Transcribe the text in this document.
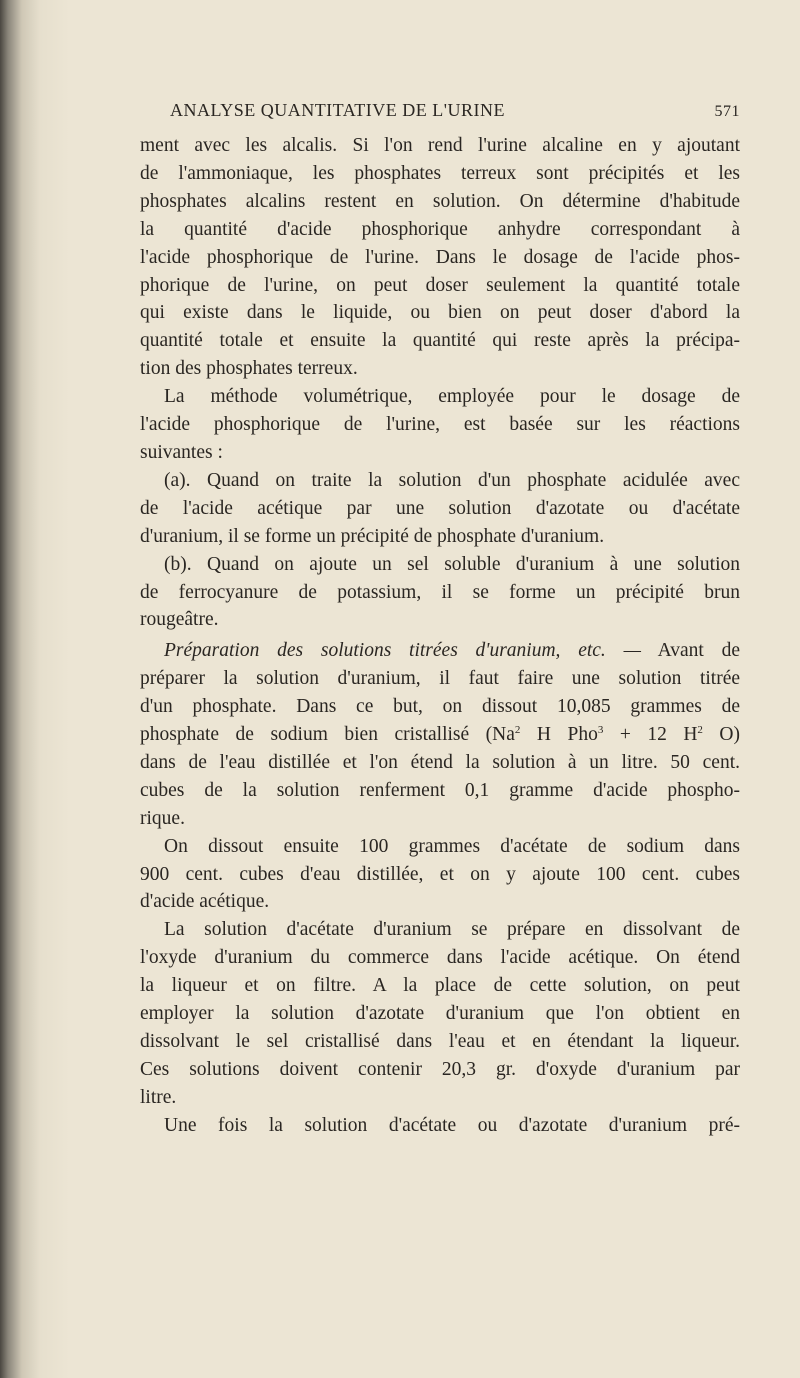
ANALYSE QUANTITATIVE DE L'URINE	571
ment avec les alcalis. Si l'on rend l'urine alcaline en y ajoutant
de l'ammoniaque, les phosphates terreux sont précipités et les
phosphates alcalins restent en solution. On détermine d'habitude
la quantité d'acide phosphorique anhydre correspondant à
l'acide phosphorique de l'urine. Dans le dosage de l'acide phos-
phorique de l'urine, on peut doser seulement la quantité totale
qui existe dans le liquide, ou bien on peut doser d'abord la
quantité totale et ensuite la quantité qui reste après la précipa-
tion des phosphates terreux.
La méthode volumétrique, employée pour le dosage de
l'acide phosphorique de l'urine, est basée sur les réactions
suivantes :
(a). Quand on traite la solution d'un phosphate acidulée avec
de l'acide acétique par une solution d'azotate ou d'acétate
d'uranium, il se forme un précipité de phosphate d'uranium.
(b). Quand on ajoute un sel soluble d'uranium à une solution
de ferrocyanure de potassium, il se forme un précipité brun
rougeâtre.
Préparation des solutions titrées d'uranium, etc. — Avant de
préparer la solution d'uranium, il faut faire une solution titrée
d'un phosphate. Dans ce but, on dissout 10,085 grammes de
phosphate de sodium bien cristallisé (Na$^2$ H Pho$^3$ + 12 $H^2$ O)
dans de l'eau distillée et l'on étend la solution à un litre. 50 cent.
cubes de la solution renferment 0,1 gramme d'acide phospho-
rique.
On dissout ensuite 100 grammes d'acétate de sodium dans
900 cent. cubes d'eau distillée, et on y ajoute 100 cent. cubes
d'acide acétique.
La solution d'acétate d'uranium se prépare en dissolvant de
l'oxyde d'uranium du commerce dans l'acide acétique. On étend
la liqueur et on filtre. A la place de cette solution, on peut
employer la solution d'azotate d'uranium que l'on obtient en
dissolvant le sel cristallisé dans l'eau et en étendant la liqueur.
Ces solutions doivent contenir 20,3 gr. d'oxyde d'uranium par
litre.
Une fois la solution d'acétate ou d'azotate d'uranium pré-
